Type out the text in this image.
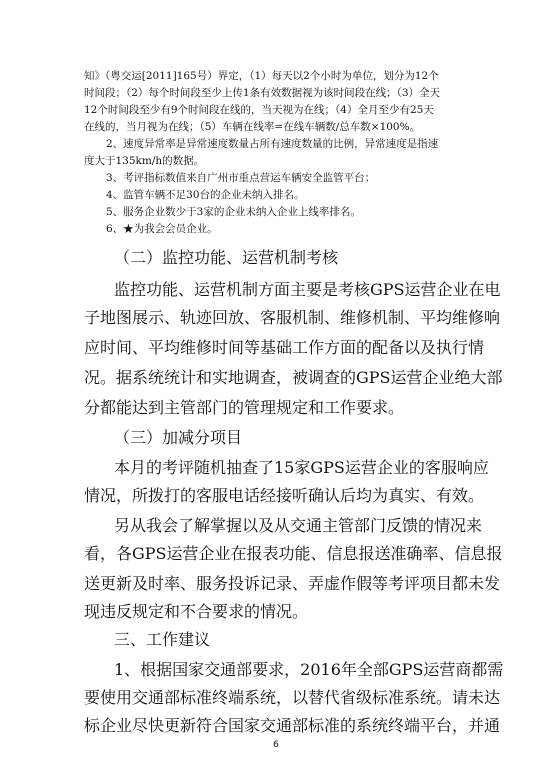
知》（粤交运[2011]165号）界定，（1）每天以2个小时为单位，划分为12个
时间段；（2）每个时间段至少上传1条有效数据视为该时间段在线；（3）全天
12个时间段至少有9个时间段在线的，当天视为在线；（4）全月至少有25天
在线的，当月视为在线；（5）车辆在线率=在线车辆数/总车数×100%。
2、速度异常率是异常速度数量占所有速度数量的比例，异常速度是指速
度大于135km/h的数据。
3、考评指标数值来自广州市重点营运车辆安全监管平台；
4、监管车辆不足30台的企业未纳入排名。
5、服务企业数少于3家的企业未纳入企业上线率排名。
6、★为我会会员企业。
6
（二）监控功能、运营机制考核
监控功能、运营机制方面主要是考核GPS运营企业在电
子地图展示、轨迹回放、客服机制、维修机制、平均维修响
应时间、平均维修时间等基础工作方面的配备以及执行情
况。据系统统计和实地调查，被调查的GPS运营企业绝大部
分都能达到主管部门的管理规定和工作要求。
（三）加减分项目
本月的考评随机抽查了15家GPS运营企业的客服响应
情况，所拨打的客服电话经接听确认后均为真实、有效。
另从我会了解掌握以及从交通主管部门反馈的情况来
看，各GPS运营企业在报表功能、信息报送准确率、信息报
送更新及时率、服务投诉记录、弄虚作假等考评项目都未发
现违反规定和不合要求的情况。
三、工作建议
1、根据国家交通部要求，2016年全部GPS运营商都需
要使用交通部标准终端系统，以替代省级标准系统。请未达
标企业尽快更新符合国家交通部标准的系统终端平台，并通
